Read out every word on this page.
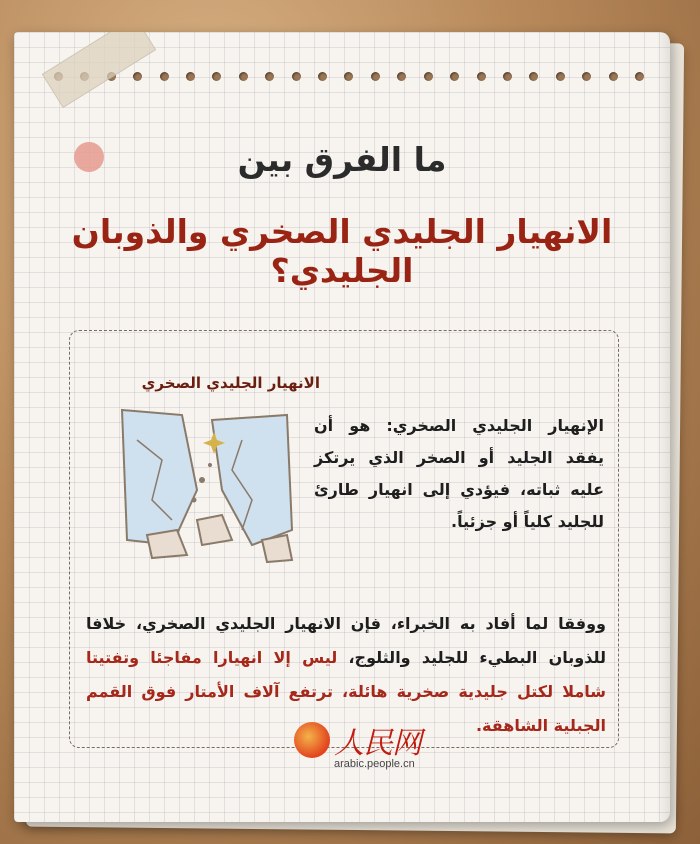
ما الفرق بين
الانهيار الجليدي الصخري والذوبان الجليدي؟
الانهيار الجليدي الصخري

الإنهيار الجليدي الصخري: هو أن يفقد الجليد أو الصخر الذي يرتكز عليه ثباته، فيؤدي إلى انهيار طارئ للجليد كلياً أو جزئياً.

ووفقا لما أفاد به الخبراء، فإن الانهيار الجليدي الصخري، خلافا للذوبان البطيء للجليد والثلوج، ليس إلا انهيارا مفاجئا وتفتيتا شاملا لكتل جليدية صخرية هائلة، ترتفع آلاف الأمتار فوق القمم الجبلية الشاهقة.

人民网
arabic.people.cn
